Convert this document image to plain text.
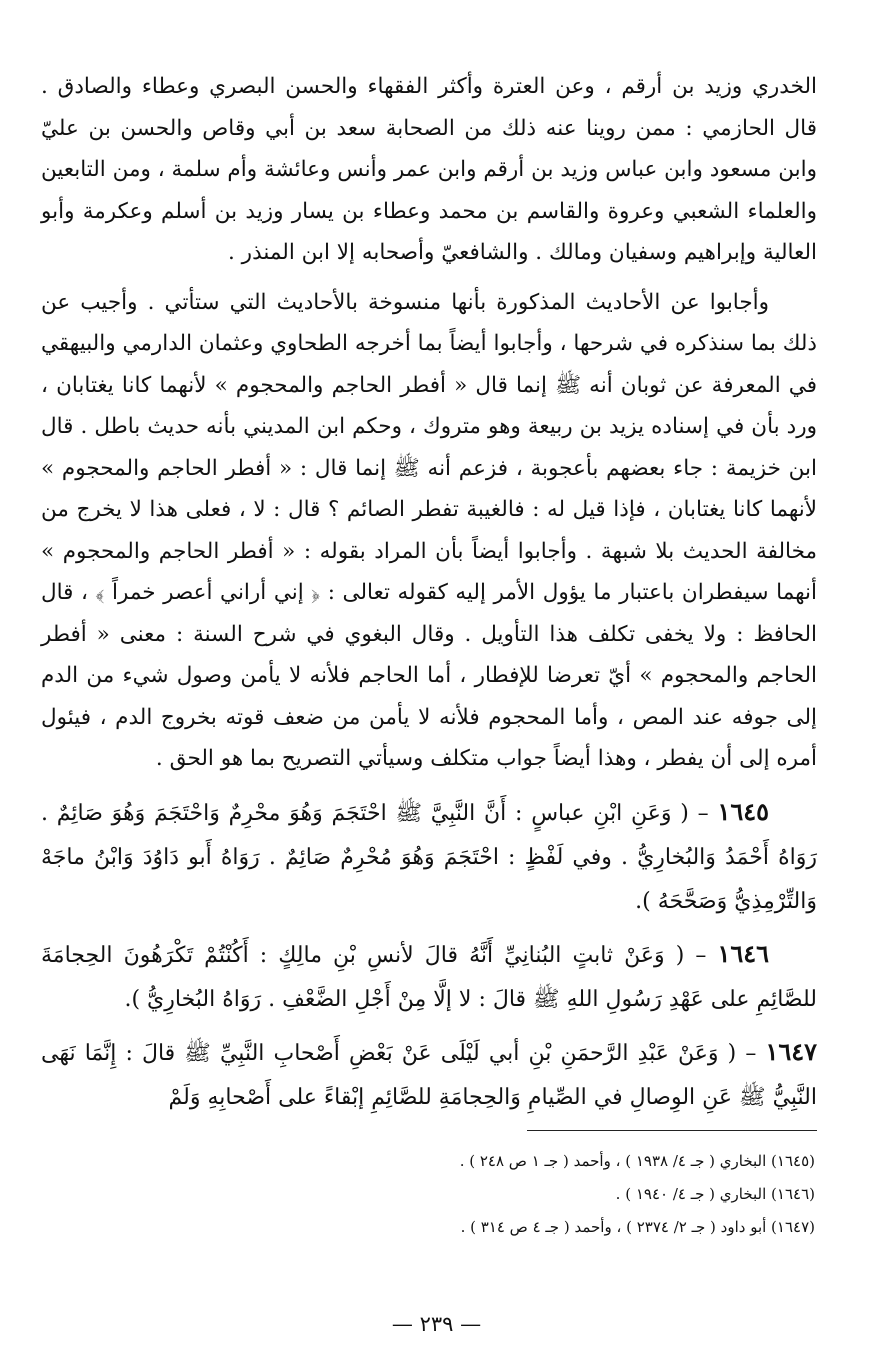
الخدري وزيد بن أرقم ، وعن العترة وأكثر الفقهاء والحسن البصري وعطاء والصادق . قال الحازمي : ممن روينا عنه ذلك من الصحابة سعد بن أبي وقاص والحسن بن عليّ وابن مسعود وابن عباس وزيد بن أرقم وابن عمر وأنس وعائشة وأم سلمة ، ومن التابعين والعلماء الشعبي وعروة والقاسم بن محمد وعطاء بن يسار وزيد بن أسلم وعكرمة وأبو العالية وإبراهيم وسفيان ومالك . والشافعيّ وأصحابه إلا ابن المنذر .

وأجابوا عن الأحاديث المذكورة بأنها منسوخة بالأحاديث التي ستأتي . وأجيب عن ذلك بما سنذكره في شرحها ، وأجابوا أيضاً بما أخرجه الطحاوي وعثمان الدارمي والبيهقي في المعرفة عن ثوبان أنه ﷺ إنما قال « أفطر الحاجم والمحجوم » لأنهما كانا يغتابان ، ورد بأن في إسناده يزيد بن ربيعة وهو متروك ، وحكم ابن المديني بأنه حديث باطل . قال ابن خزيمة : جاء بعضهم بأعجوبة ، فزعم أنه ﷺ إنما قال : « أفطر الحاجم والمحجوم » لأنهما كانا يغتابان ، فإذا قيل له : فالغيبة تفطر الصائم ؟ قال : لا ، فعلى هذا لا يخرج من مخالفة الحديث بلا شبهة . وأجابوا أيضاً بأن المراد بقوله : « أفطر الحاجم والمحجوم » أنهما سيفطران باعتبار ما يؤول الأمر إليه كقوله تعالى : ﴿ إني أراني أعصر خمراً ﴾ ، قال الحافظ : ولا يخفى تكلف هذا التأويل . وقال البغوي في شرح السنة : معنى « أفطر الحاجم والمحجوم » أيّ تعرضا للإفطار ، أما الحاجم فلأنه لا يأمن وصول شيء من الدم إلى جوفه عند المص ، وأما المحجوم فلأنه لا يأمن من ضعف قوته بخروج الدم ، فيئول أمره إلى أن يفطر ، وهذا أيضاً جواب متكلف وسيأتي التصريح بما هو الحق .

١٦٤٥ – ( وَعَنِ ابْنِ عباسٍ : أَنَّ النَّبِيَّ ﷺ احْتَجَمَ وَهُوَ محْرِمٌ وَاحْتَجَمَ وَهُوَ صَائِمٌ . رَوَاهُ أَحْمَدُ وَالبُخارِيُّ . وفي لَفْظٍ : احْتَجَمَ وَهُوَ مُحْرِمٌ صَائِمٌ . رَوَاهُ أَبو دَاوُدَ وَابْنُ ماجَهْ وَالتِّرْمِذِيُّ وَصَحَّحَهُ ).

١٦٤٦ – ( وَعَنْ ثابتٍ البُنانِيِّ أَنَّهُ قالَ لأنسِ بْنِ مالِكٍ : أَكُنْتُمْ تَكْرَهُونَ الحِجامَةَ للصَّائِمِ على عَهْدِ رَسُولِ اللهِ ﷺ قالَ : لا إلَّا مِنْ أَجْلِ الضَّعْفِ . رَوَاهُ البُخارِيُّ ).

١٦٤٧ – ( وَعَنْ عَبْدِ الرَّحمَنِ بْنِ أبي لَيْلَى عَنْ بَعْضِ أَصْحابِ النَّبِيِّ ﷺ قالَ : إِنَّمَا نَهَى النَّبِيُّ ﷺ عَنِ الوِصالِ في الصِّيامِ وَالحِجامَةِ للصَّائِمِ إبْقاءً على أَصْحابِهِ وَلَمْ

(١٦٤٥) البخاري ( جـ ٤/ ١٩٣٨ ) ، وأحمد ( جـ ١ ص ٢٤٨ ) .
(١٦٤٦) البخاري ( جـ ٤/ ١٩٤٠ ) .
(١٦٤٧) أبو داود ( جـ ٢/ ٢٣٧٤ ) ، وأحمد ( جـ ٤ ص ٣١٤ ) .
— ٢٣٩ —
